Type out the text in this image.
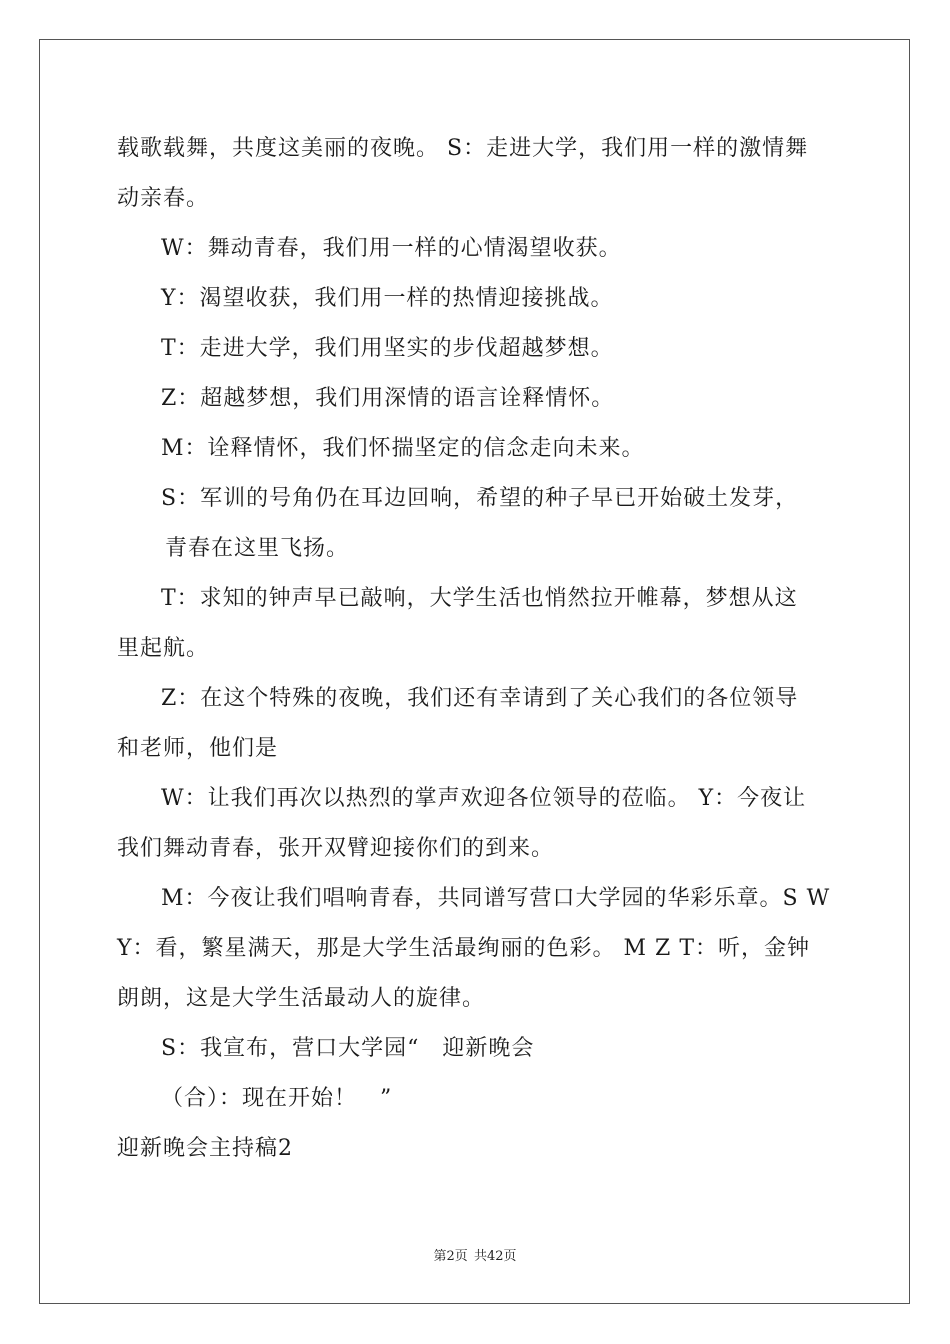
载歌载舞，共度这美丽的夜晚。 S：走进大学，我们用一样的激情舞
动亲春。
W：舞动青春，我们用一样的心情渴望收获。
Y：渴望收获，我们用一样的热情迎接挑战。
T：走进大学，我们用坚实的步伐超越梦想。
Z：超越梦想，我们用深情的语言诠释情怀。
M：诠释情怀，我们怀揣坚定的信念走向未来。
S：军训的号角仍在耳边回响，希望的种子早已开始破土发芽，
青春在这里飞扬。
T：求知的钟声早已敲响，大学生活也悄然拉开帷幕，梦想从这
里起航。
Z：在这个特殊的夜晚，我们还有幸请到了关心我们的各位领导
和老师，他们是
W：让我们再次以热烈的掌声欢迎各位领导的莅临。 Y：今夜让
我们舞动青春，张开双臂迎接你们的到来。
M：今夜让我们唱响青春，共同谱写营口大学园的华彩乐章。S W
Y：看，繁星满天，那是大学生活最绚丽的色彩。 M Z T：听，金钟
朗朗，这是大学生活最动人的旋律。
S：我宣布，营口大学园“　迎新晚会
（合）：现在开始！　”
迎新晚会主持稿2
第2页 共42页
